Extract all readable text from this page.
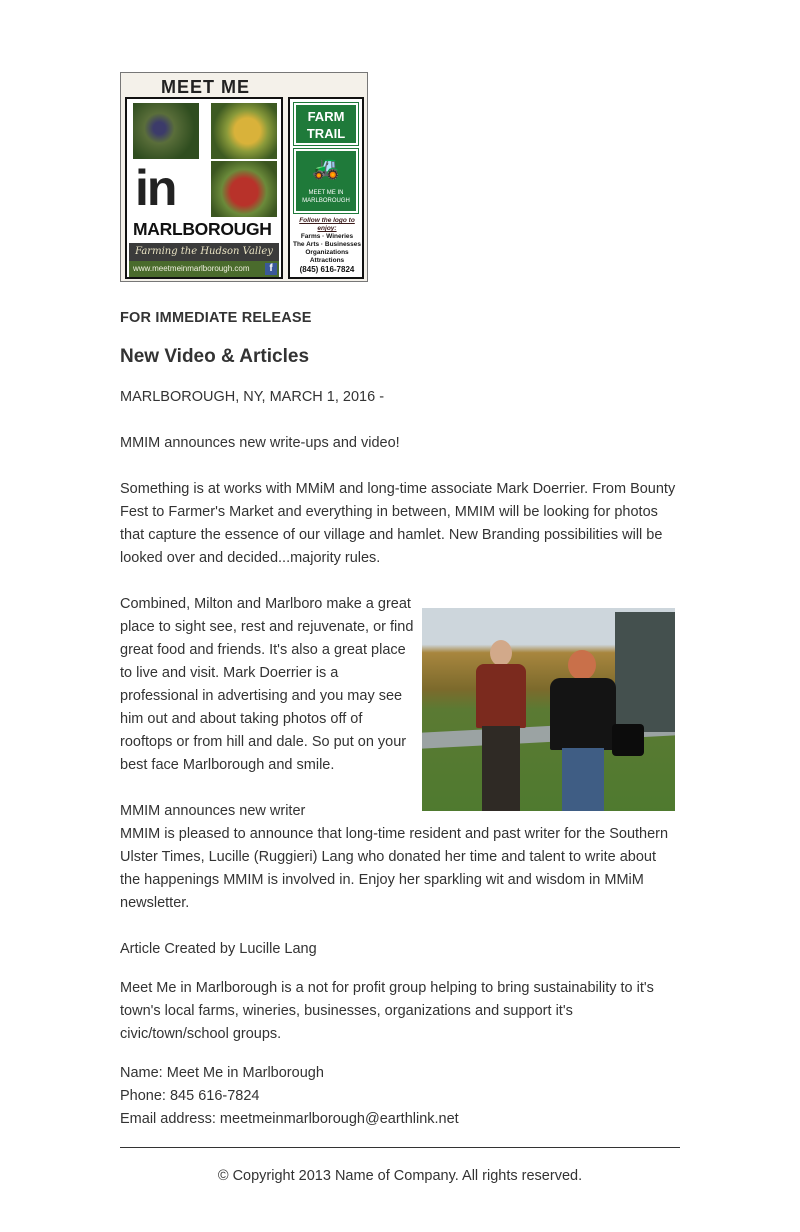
MEET ME
in
MARLBOROUGH
Farming the Hudson Valley
www.meetmeinmarlborough.com	f
FARM TRAIL
🚜
MEET ME IN MARLBOROUGH
Follow the logo to enjoy:
Farms · Wineries
The Arts · Businesses
Organizations
Attractions
(845) 616-7824
FOR IMMEDIATE RELEASE
New Video & Articles

MARLBOROUGH, NY, MARCH 1, 2016 -

MMIM announces new write-ups and video!

Something is at works with MMiM and long-time associate Mark Doerrier. From Bounty Fest to Farmer's Market and everything in between, MMIM will be looking for photos that capture the essence of our village and hamlet. New Branding possibilities will be looked over and decided...majority rules.

Combined, Milton and Marlboro make a great place to sight see, rest and rejuvenate, or find great food and friends. It's also a great place to live and visit. Mark Doerrier is a professional in advertising and you may see him out and about taking photos off of rooftops or from hill and dale. So put on your best face Marlborough and smile.

MMIM announces new writer

MMIM is pleased to announce that long-time resident and past writer for the Southern Ulster Times, Lucille (Ruggieri) Lang who donated her time and talent to write about the happenings MMIM is involved in. Enjoy her sparkling wit and wisdom in MMiM newsletter.

Article Created by Lucille Lang

Meet Me in Marlborough is a not for profit group helping to bring sustainability to it's town's local farms, wineries, businesses, organizations and support it's civic/town/school groups.

Name: Meet Me in Marlborough

Phone: 845 616-7824

Email address: meetmeinmarlborough@earthlink.net

© Copyright 2013 Name of Company. All rights reserved.
